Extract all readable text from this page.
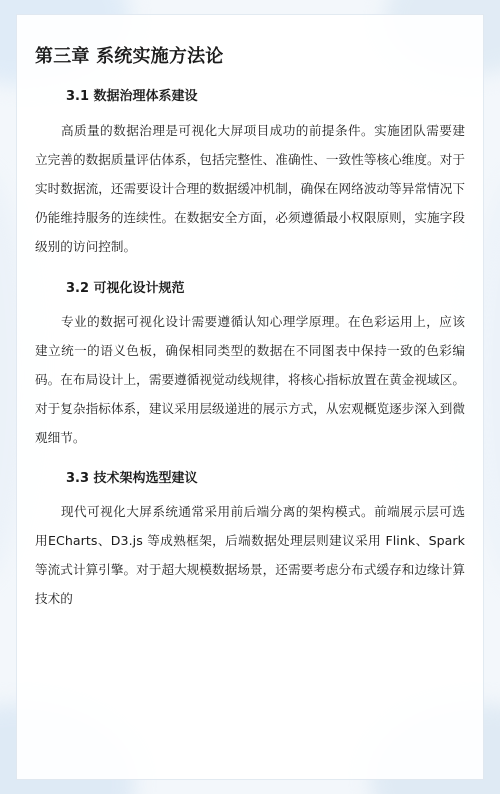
第三章 系统实施方法论
3.1 数据治理体系建设

高质量的数据治理是可视化大屏项目成功的前提条件。实施团队需要建立完善的数据质量评估体系，包括完整性、准确性、一致性等核心维度。对于实时数据流，还需要设计合理的数据缓冲机制，确保在网络波动等异常情况下仍能维持服务的连续性。在数据安全方面，必须遵循最小权限原则，实施字段级别的访问控制。

3.2 可视化设计规范

专业的数据可视化设计需要遵循认知心理学原理。在色彩运用上，应该建立统一的语义色板，确保相同类型的数据在不同图表中保持一致的色彩编码。在布局设计上，需要遵循视觉动线规律，将核心指标放置在黄金视域区。对于复杂指标体系，建议采用层级递进的展示方式，从宏观概览逐步深入到微观细节。

3.3 技术架构选型建议

现代可视化大屏系统通常采用前后端分离的架构模式。前端展示层可选用ECharts、D3.js 等成熟框架，后端数据处理层则建议采用 Flink、Spark 等流式计算引擎。对于超大规模数据场景，还需要考虑分布式缓存和边缘计算技术的
